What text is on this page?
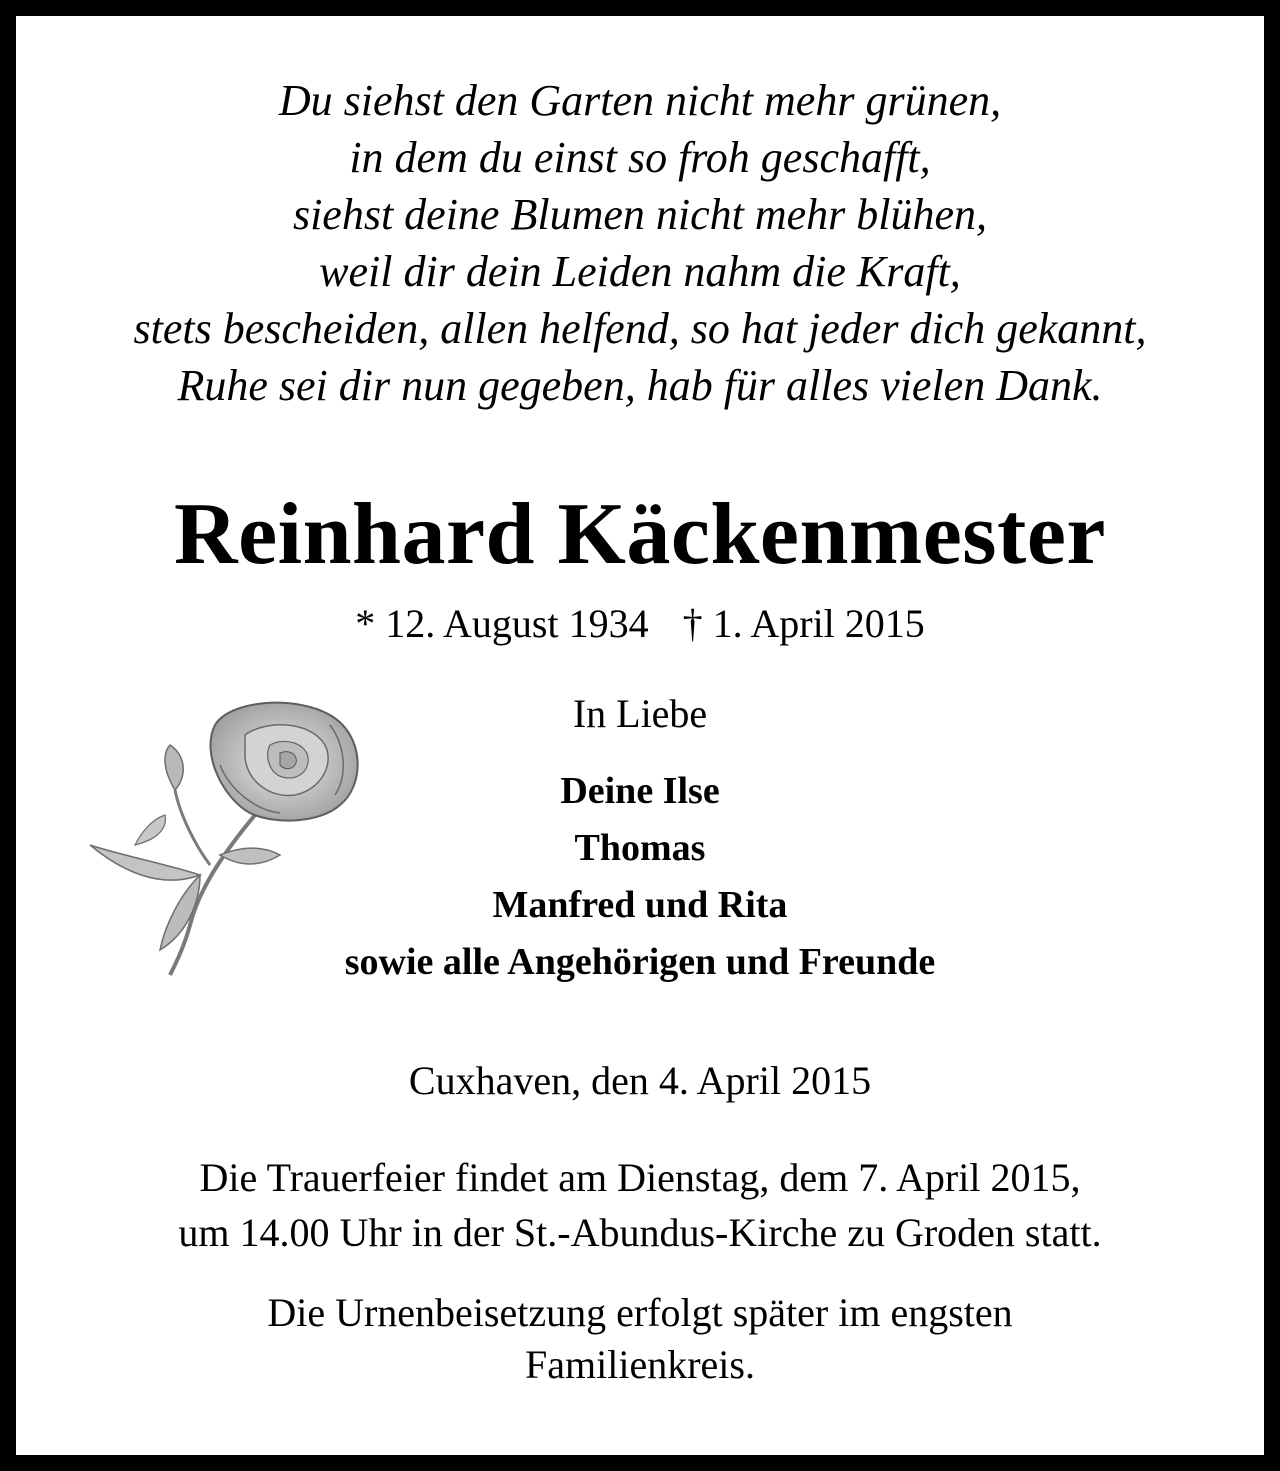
Du siehst den Garten nicht mehr grünen,
in dem du einst so froh geschafft,
siehst deine Blumen nicht mehr blühen,
weil dir dein Leiden nahm die Kraft,
stets bescheiden, allen helfend, so hat jeder dich gekannt,
Ruhe sei dir nun gegeben, hab für alles vielen Dank.
Reinhard Käckenmester
* 12. August 1934 † 1. April 2015
In Liebe
Deine Ilse
Thomas
Manfred und Rita
sowie alle Angehörigen und Freunde
Cuxhaven, den 4. April 2015
Die Trauerfeier findet am Dienstag, dem 7. April 2015,
um 14.00 Uhr in der St.-Abundus-Kirche zu Groden statt.
Die Urnenbeisetzung erfolgt später im engsten
Familienkreis.
